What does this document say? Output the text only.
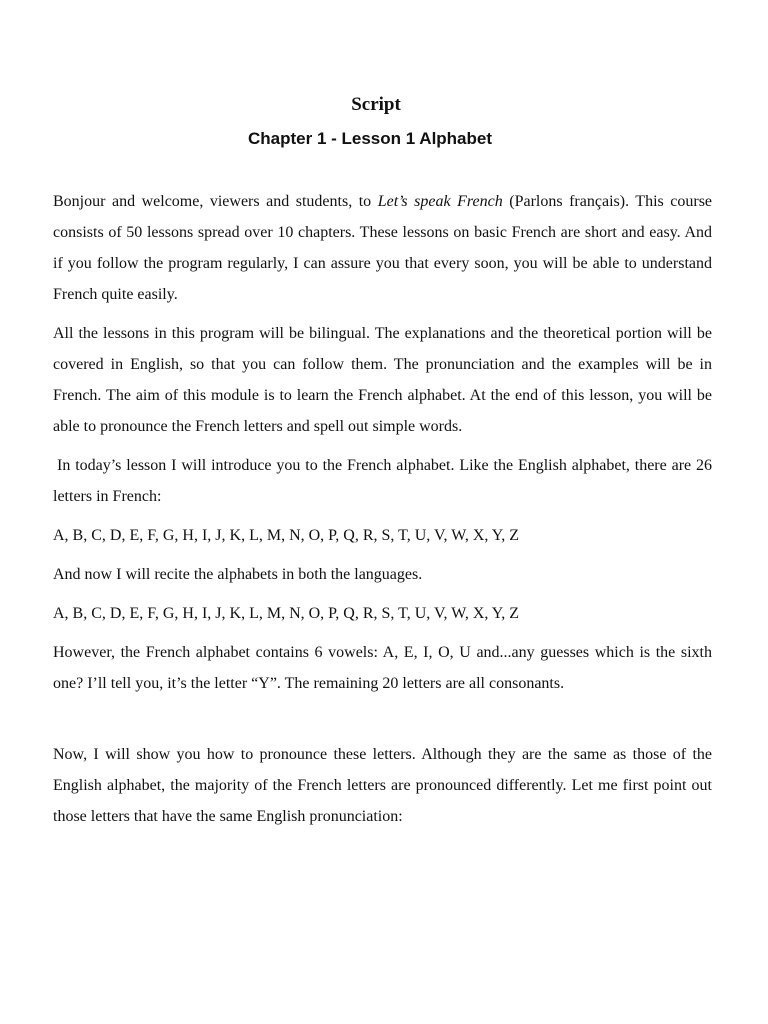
Script
Chapter 1 - Lesson 1 Alphabet

Bonjour and welcome, viewers and students, to Let’s speak French (Parlons français). This course consists of 50 lessons spread over 10 chapters. These lessons on basic French are short and easy. And if you follow the program regularly, I can assure you that every soon, you will be able to understand French quite easily.

All the lessons in this program will be bilingual. The explanations and the theoretical portion will be covered in English, so that you can follow them. The pronunciation and the examples will be in French. The aim of this module is to learn the French alphabet. At the end of this lesson, you will be able to pronounce the French letters and spell out simple words.

In today’s lesson I will introduce you to the French alphabet. Like the English alphabet, there are 26 letters in French:

A, B, C, D, E, F, G, H, I, J, K, L, M, N, O, P, Q, R, S, T, U, V, W, X, Y, Z

And now I will recite the alphabets in both the languages.

A, B, C, D, E, F, G, H, I, J, K, L, M, N, O, P, Q, R, S, T, U, V, W, X, Y, Z

However, the French alphabet contains 6 vowels: A, E, I, O, U and...any guesses which is the sixth one? I’ll tell you, it’s the letter “Y”. The remaining 20 letters are all consonants.

Now, I will show you how to pronounce these letters. Although they are the same as those of the English alphabet, the majority of the French letters are pronounced differently. Let me first point out those letters that have the same English pronunciation:
